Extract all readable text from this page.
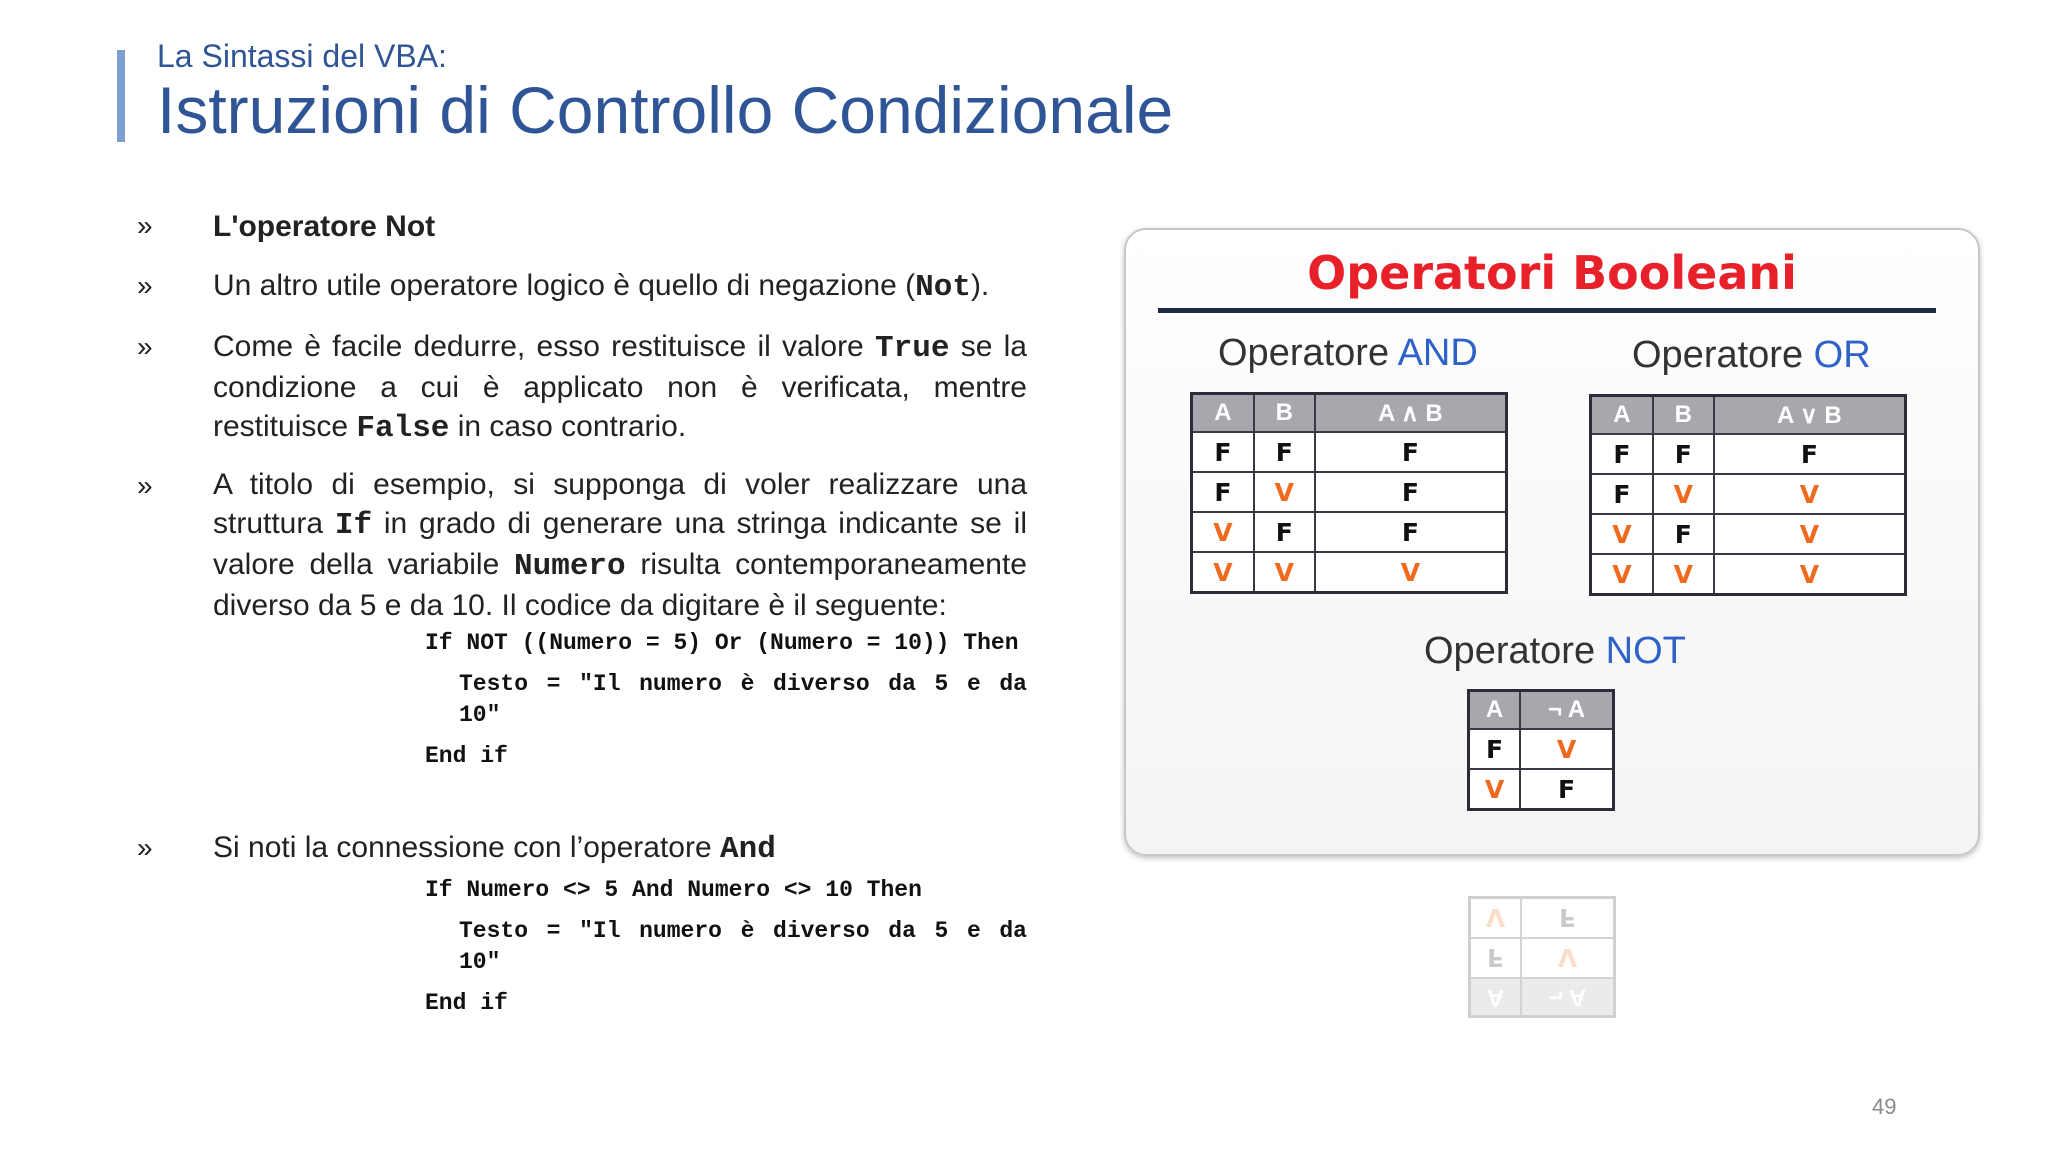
La Sintassi del VBA:
Istruzioni di Controllo Condizionale
» L'operatore Not
» Un altro utile operatore logico è quello di negazione (Not).
» Come è facile dedurre, esso restituisce il valore True se la condizione a cui è applicato non è verificata, mentre restituisce False in caso contrario.
» A titolo di esempio, si supponga di voler realizzare una struttura If in grado di generare una stringa indicante se il valore della variabile Numero risulta contemporaneamente diverso da 5 e da 10. Il codice da digitare è il seguente:
If NOT ((Numero = 5) Or (Numero = 10)) Then
Testo = "Il numero è diverso da 5 e da 10"
End if
» Si noti la connessione con l’operatore And
If Numero <> 5 And Numero <> 10 Then
Testo = "Il numero è diverso da 5 e da 10"
End if
Operatori Booleani
Operatore AND	Operatore OR
Operatore NOT
A	B	A ∧ B
F	F	F
F	V	F
V	F	F
V	V	V
A	B	A ∨ B
F	F	F
F	V	V
V	F	V
V	V	V
A	¬ A
F	V
V	F
A	¬ A
F	V
V	F
49
